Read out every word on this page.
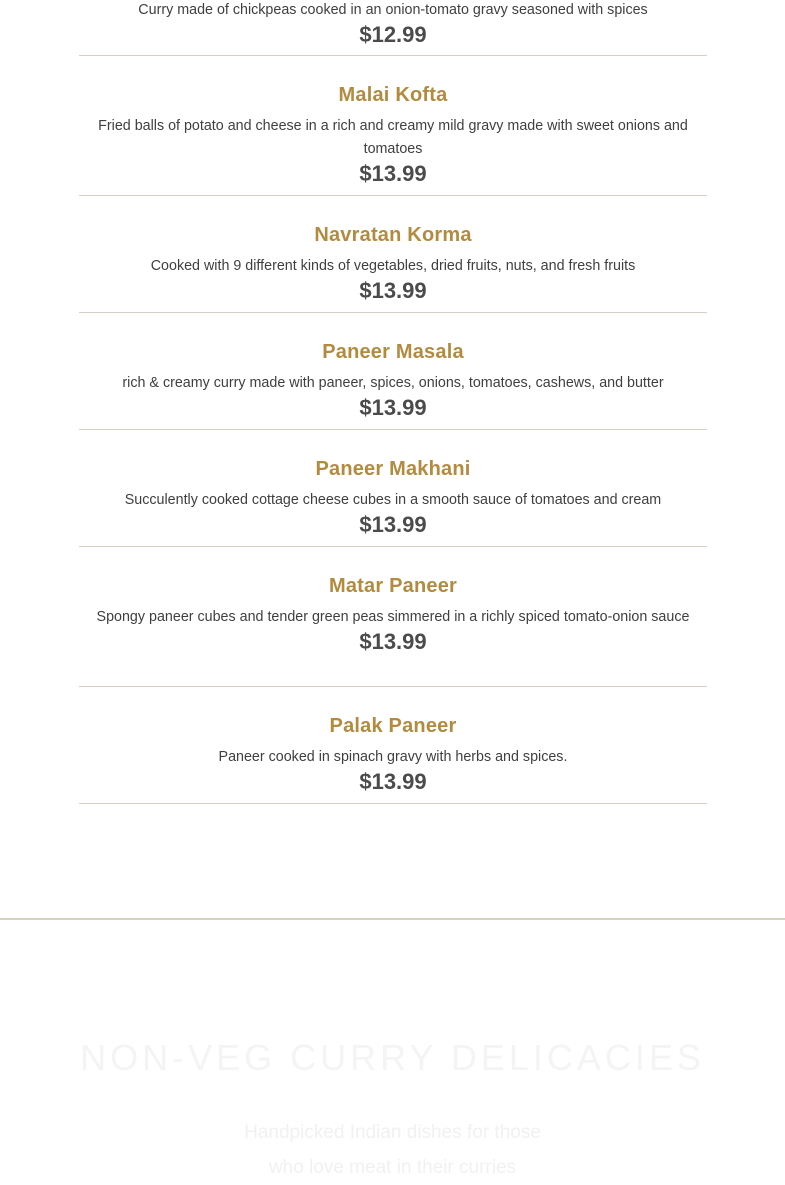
Curry made of chickpeas cooked in an onion-tomato gravy seasoned with spices

$12.99

Malai Kofta

Fried balls of potato and cheese in a rich and creamy mild gravy made with sweet onions and tomatoes

$13.99

Navratan Korma

Cooked with 9 different kinds of vegetables, dried fruits, nuts, and fresh fruits

$13.99

Paneer Masala

rich & creamy curry made with paneer, spices, onions, tomatoes, cashews, and butter

$13.99

Paneer Makhani

Succulently cooked cottage cheese cubes in a smooth sauce of tomatoes and cream

$13.99

Matar Paneer

Spongy paneer cubes and tender green peas simmered in a richly spiced tomato-onion sauce

$13.99

Palak Paneer

Paneer cooked in spinach gravy with herbs and spices.

$13.99

NON-VEG CURRY DELICACIES

Handpicked Indian dishes for those

who love meat in their curries
